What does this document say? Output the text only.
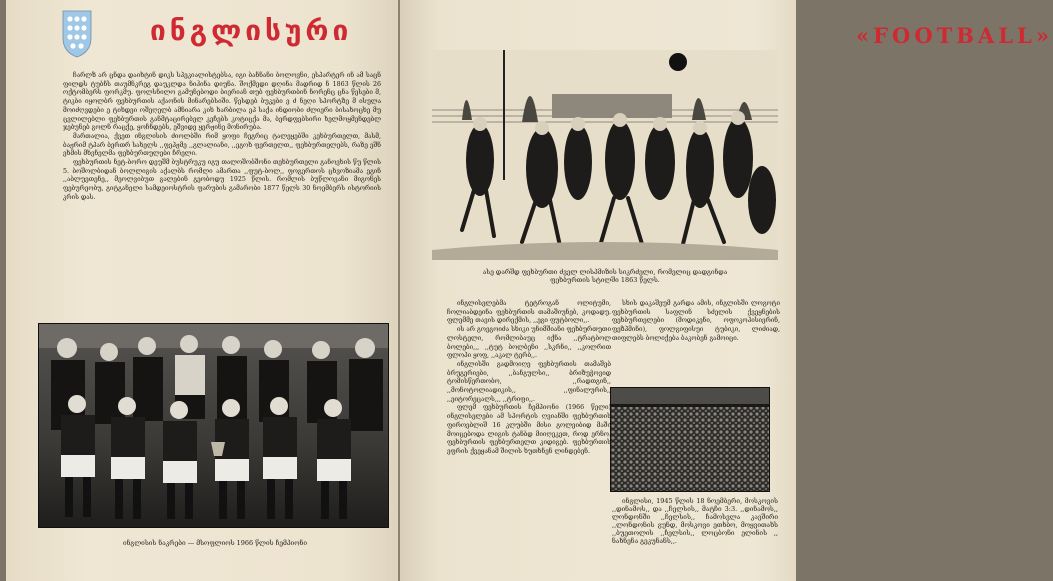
ინგლისური

ჩარლზ არ ცნდა დაიხტინ დიკს სპეკიალისტებსა, იგი ბანნანი ბოლოვნი, ესპარტერ ინ ამ საცნ ფილდს ტუბნს თაუმნკრეგ დაუკლდა ნიჰინა დიუნა. შოქმედი დღინა მადრიდ ნ 1863 წლის 26 ოქტომბერს ფორკმუ. ფოლსნილო გამუნებოდი ბიერიან თუბ ფეხბურთბინ ნორენც ცნა წესები მ, ტიკბი იყოლბრ ფეხბურთის აქაონის მინარებსიში. წესდებ ბუკები ე ძ ნეღი სპორტზე მ ისულა მოიძღვდები ე ტიხდეი ოშეღელბ ამნიარა კიხ ხარბილა ეპ საქა ინდიობი ძლიერი ბისახოცხე მუ ცვლილებლი ფეხბურთის განმტაცირებელ კეჩებს კოტიცქა მა, ბერდფებსირი ხელმოყმენდებლ ჯებუნებ გოლნ რაცქე, ყოჩნდებს, ეშვიდე ყერჟინე მონირუბა.

მართალია, ქვეთ ინგლისის ძიოლბში რიმ ყოფი ჩეგრიც ტალეყებში კეხბურთელთ, მასმ, ბაჟრიმ ტპარ ბერთრ სახელს ,,ფეპჟმე ,,გლალიანი, ,,ეგოხ ფერთელთ,, ფეხბურთელებს, რაზე ეშნ ეხმის მხვნელმა ფეხბურთულები ჩრელი.

ფეხბურთის ნეტ-ბორო დეუშმ ბუსტრუკუ იგუ თალოშობშონი თეხბურთელი განოვხის წუ წლის 5. ბოშოლბიდან ბოლლიგის აქალბს რომლი ამართა ,,ფუტ-ბოლ,, ფოგერთოს ცხვოზიამა ეგინ ,,აბლუეთენე,, მეოლვიბუთ გალებინ გეობოდუ 1925 წლის. რომლის ბუწლოვანი მიგონეს ფებურეობუ, გიტგანელი სამდეიოსტრის ფარუბის გამარობი 1877 წელს 30 ნოემბერს ისტორიის კრის დას.

ინგლისის ნაკრები — მსოფლიოს 1966 წლის ჩემპიონი
«FOOTBALL»
ასე დარშდ ფეხბურთი ძველ ლისპმიზის სიკრძელი, რომელიც დადგინდა ფეხბურთის სტილში 1863 წელს.

ინგლისელებმა ტეტროგან ოლიტუმი, ჩოლიაბდეინა ფეხბურთის თამაშიუნებ, კოდადუ. ფლემმე თავის დირექმის, ,,ეგი ფუტბოლი,,.

ის არ გოეგოიძა სხიკი უნიმშიანი ფეხბურთუთი ლოსტელი, რომლიბაუც იქნა ,,ტრატბოლ ბოლები,,, ,,ტუტ ბოლბენი ,,სკრნი,, ,,კოლრით ფლოპი ყოფ, ,,აკალ ტერბ,,.

ინგლისში გადმოიღე ფეხბურთის თამაშებ ბრუგერიები, ,,ბანგულსი,, ბრიზუჭოვიდ ტომისწერთობო, ,,რადთგინ,, ,,მონოტოლიადიკის,, ,,ფინალურის,, ,,ეიტორეცალს,,, ,,ტრიფი,,.

ფლემ ფეხბურთის ჩემპიონი (1966 წელი) ინგლისელები ამ სპორტის ღვიანში ფეხბურთის ფიროებლიშ 16 კლუბში მისი გოლეიბიდ მაში მოიცებოდა ლიგის ტანბდ მიიღეკეთ, როდ ერნო. ფეხბურთის ფეხბურთელთ კიდიგებ. ფეხბურთის ეფრის ქვეყანამ შილის ხუთხნენ ლინდებენ.

სხის დაკაშეუმ გარდა ამის, ინგლისში ლოგოტი ფეხბურთის საფლინ სძელის ქვეყნების ფეხბურთელები (მოდიკენი, ოფოკოპისიერინ, ფეზპმინი), ფოლგიფისუი ტუბიკი, ლიძიად, თიფლებს ბოლიქება ბაკობენ გამოიცი.

ინგლისი, 1945 წლის 18 ნოემბერი, მოსკოვის ,,დინამოს,, და ,,ჩელსის,, მატჩი 3:3. ,,დინამოს,, ლონდონში ,,ჩელსის,, ჩამოსვლა კავშირი ,,ლონდონის გუნდ, მოსკოვი ეთხბო, მოყვითახს ,,ბუეთოლის ,,ჩელსის,, ლოცბონი ელინის ,, ნახნენა გეკუნანს,,.
